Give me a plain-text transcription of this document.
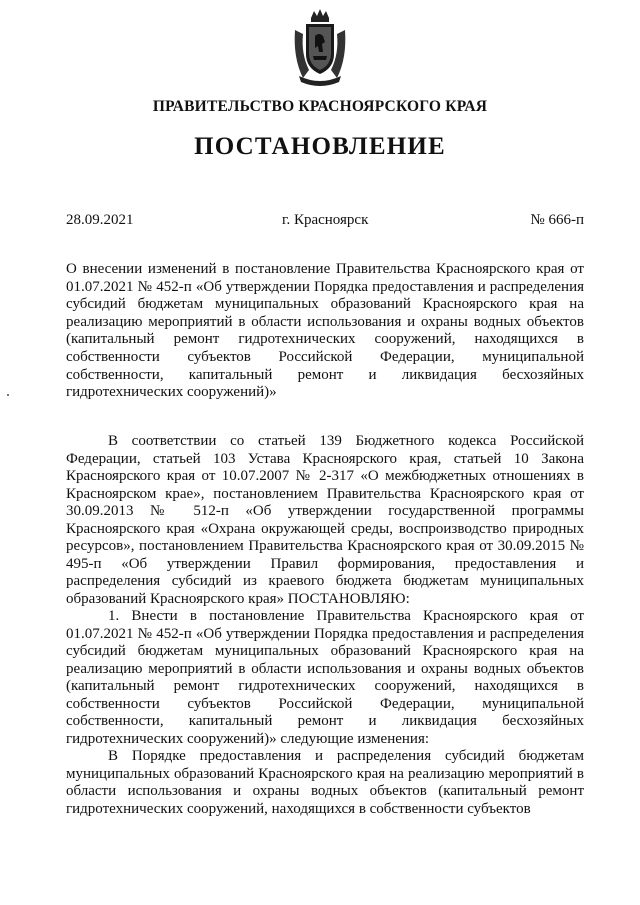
ПРАВИТЕЛЬСТВО КРАСНОЯРСКОГО КРАЯ
ПОСТАНОВЛЕНИЕ
28.09.2021	г. Красноярск	№ 666-п
О внесении изменений в постановление Правительства Красноярского края от 01.07.2021 № 452-п «Об утверждении Порядка предоставления и распределения субсидий бюджетам муниципальных образований Красноярского края на реализацию мероприятий в области использования и охраны водных объектов (капитальный ремонт гидротехнических сооружений, находящихся в собственности субъектов Российской Федерации, муниципальной собственности, капитальный ремонт и ликвидация бесхозяйных гидротехнических сооружений)»

В соответствии со статьей 139 Бюджетного кодекса Российской Федерации, статьей 103 Устава Красноярского края, статьей 10 Закона Красноярского края от 10.07.2007 № 2-317 «О межбюджетных отношениях в Красноярском крае», постановлением Правительства Красноярского края от 30.09.2013 № 512-п «Об утверждении государственной программы Красноярского края «Охрана окружающей среды, воспроизводство природных ресурсов», постановлением Правительства Красноярского края от 30.09.2015 № 495-п «Об утверждении Правил формирования, предоставления и распределения субсидий из краевого бюджета бюджетам муниципальных образований Красноярского края» ПОСТАНОВЛЯЮ:

1. Внести в постановление Правительства Красноярского края от 01.07.2021 № 452-п «Об утверждении Порядка предоставления и распределения субсидий бюджетам муниципальных образований Красноярского края на реализацию мероприятий в области использования и охраны водных объектов (капитальный ремонт гидротехнических сооружений, находящихся в собственности субъектов Российской Федерации, муниципальной собственности, капитальный ремонт и ликвидация бесхозяйных гидротехнических сооружений)» следующие изменения:

В Порядке предоставления и распределения субсидий бюджетам муниципальных образований Красноярского края на реализацию мероприятий в области использования и охраны водных объектов (капитальный ремонт гидротехнических сооружений, находящихся в собственности субъектов
